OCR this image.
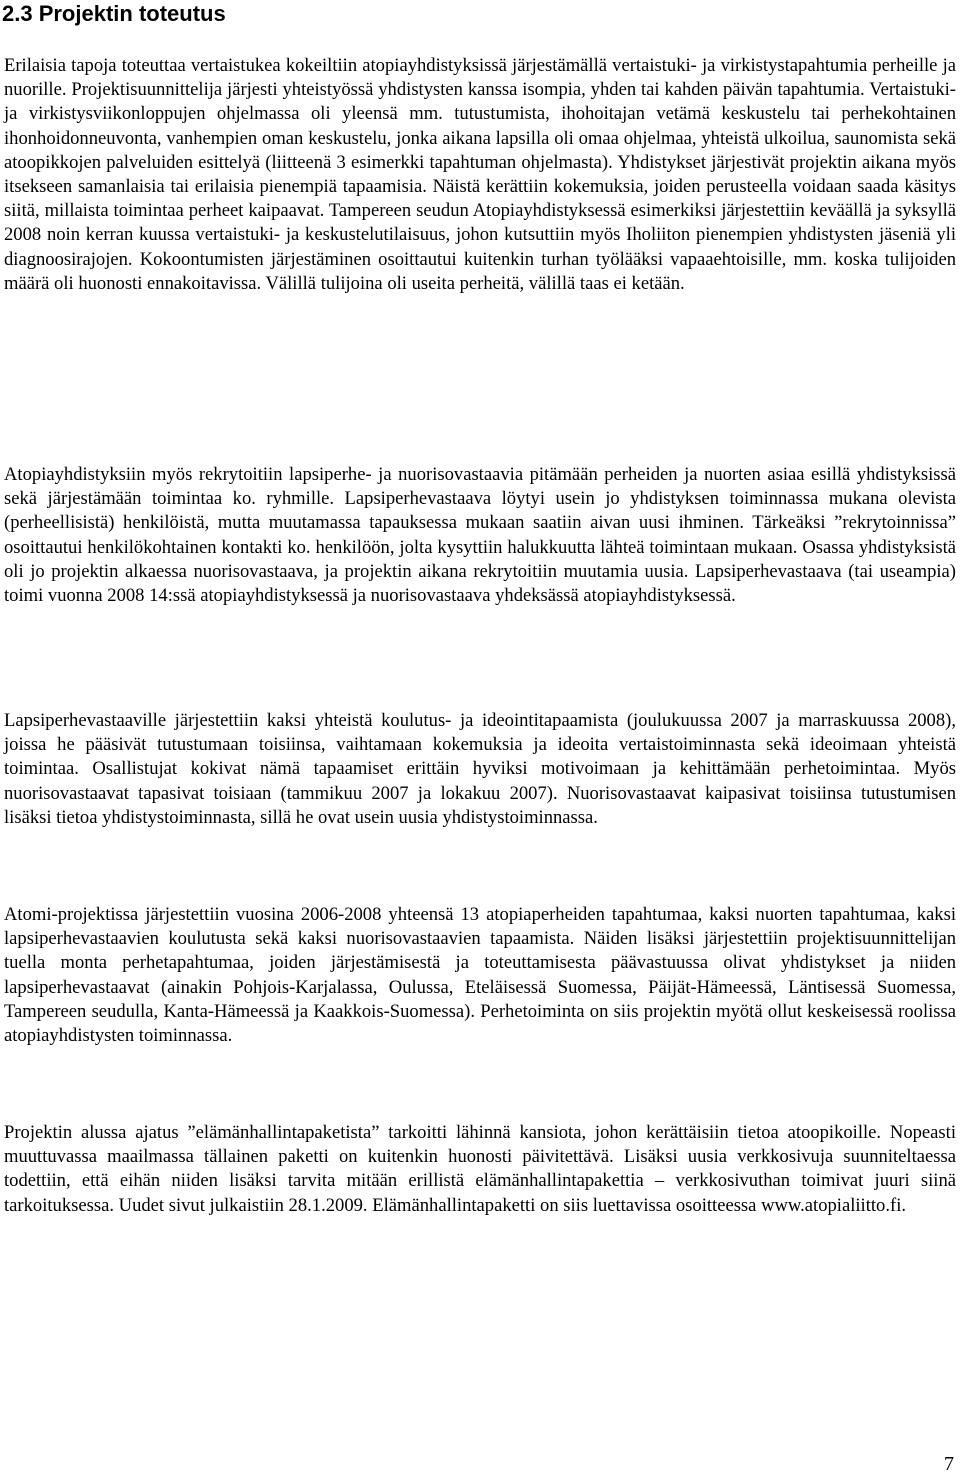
2.3 Projektin toteutus

Erilaisia tapoja toteuttaa vertaistukea kokeiltiin atopiayhdistyksissä järjestämällä vertaistuki- ja virkistystapahtumia perheille ja nuorille. Projektisuunnittelija järjesti yhteistyössä yhdistysten kanssa isompia, yhden tai kahden päivän tapahtumia. Vertaistuki- ja virkistysviikonloppujen ohjelmassa oli yleensä mm. tutustumista, ihohoitajan vetämä keskustelu tai perhekohtainen ihonhoidonneuvonta, vanhempien oman keskustelu, jonka aikana lapsilla oli omaa ohjelmaa, yhteistä ulkoilua, saunomista sekä atoopikkojen palveluiden esittelyä (liitteenä 3 esimerkki tapahtuman ohjelmasta). Yhdistykset järjestivät projektin aikana myös itsekseen samanlaisia tai erilaisia pienempiä tapaamisia. Näistä kerättiin kokemuksia, joiden perusteella voidaan saada käsitys siitä, millaista toimintaa perheet kaipaavat. Tampereen seudun Atopiayhdistyksessä esimerkiksi järjestettiin keväällä ja syksyllä 2008 noin kerran kuussa vertaistuki- ja keskustelutilaisuus, johon kutsuttiin myös Iholiiton pienempien yhdistysten jäseniä yli diagnoosirajojen. Kokoontumisten järjestäminen osoittautui kuitenkin turhan työlääksi vapaaehtoisille, mm. koska tulijoiden määrä oli huonosti ennakoitavissa. Välillä tulijoina oli useita perheitä, välillä taas ei ketään.

Atopiayhdistyksiin myös rekrytoitiin lapsiperhe- ja nuorisovastaavia pitämään perheiden ja nuorten asiaa esillä yhdistyksissä sekä järjestämään toimintaa ko. ryhmille. Lapsiperhevastaava löytyi usein jo yhdistyksen toiminnassa mukana olevista (perheellisistä) henkilöistä, mutta muutamassa tapauksessa mukaan saatiin aivan uusi ihminen. Tärkeäksi ”rekrytoinnissa” osoittautui henkilökohtainen kontakti ko. henkilöön, jolta kysyttiin halukkuutta lähteä toimintaan mukaan. Osassa yhdistyksistä oli jo projektin alkaessa nuorisovastaava, ja projektin aikana rekrytoitiin muutamia uusia. Lapsiperhevastaava (tai useampia) toimi vuonna 2008 14:ssä atopiayhdistyksessä ja nuorisovastaava yhdeksässä atopiayhdistyksessä.

Lapsiperhevastaaville järjestettiin kaksi yhteistä koulutus- ja ideointitapaamista (joulukuussa 2007 ja marraskuussa 2008), joissa he pääsivät tutustumaan toisiinsa, vaihtamaan kokemuksia ja ideoita vertaistoiminnasta sekä ideoimaan yhteistä toimintaa. Osallistujat kokivat nämä tapaamiset erittäin hyviksi motivoimaan ja kehittämään perhetoimintaa. Myös nuorisovastaavat tapasivat toisiaan (tammikuu 2007 ja lokakuu 2007). Nuorisovastaavat kaipasivat toisiinsa tutustumisen lisäksi tietoa yhdistystoiminnasta, sillä he ovat usein uusia yhdistystoiminnassa.

Atomi-projektissa järjestettiin vuosina 2006-2008 yhteensä 13 atopiaperheiden tapahtumaa, kaksi nuorten tapahtumaa, kaksi lapsiperhevastaavien koulutusta sekä kaksi nuorisovastaavien tapaamista. Näiden lisäksi järjestettiin projektisuunnittelijan tuella monta perhetapahtumaa, joiden järjestämisestä ja toteuttamisesta päävastuussa olivat yhdistykset ja niiden lapsiperhevastaavat (ainakin Pohjois-Karjalassa, Oulussa, Eteläisessä Suomessa, Päijät-Hämeessä, Läntisessä Suomessa, Tampereen seudulla, Kanta-Hämeessä ja Kaakkois-Suomessa). Perhetoiminta on siis projektin myötä ollut keskeisessä roolissa atopiayhdistysten toiminnassa.

Projektin alussa ajatus ”elämänhallintapaketista” tarkoitti lähinnä kansiota, johon kerättäisiin tietoa atoopikoille. Nopeasti muuttuvassa maailmassa tällainen paketti on kuitenkin huonosti päivitettävä. Lisäksi uusia verkkosivuja suunniteltaessa todettiin, että eihän niiden lisäksi tarvita mitään erillistä elämänhallintapakettia – verkkosivuthan toimivat juuri siinä tarkoituksessa. Uudet sivut julkaistiin 28.1.2009. Elämänhallintapaketti on siis luettavissa osoitteessa www.atopialiitto.fi.

7
